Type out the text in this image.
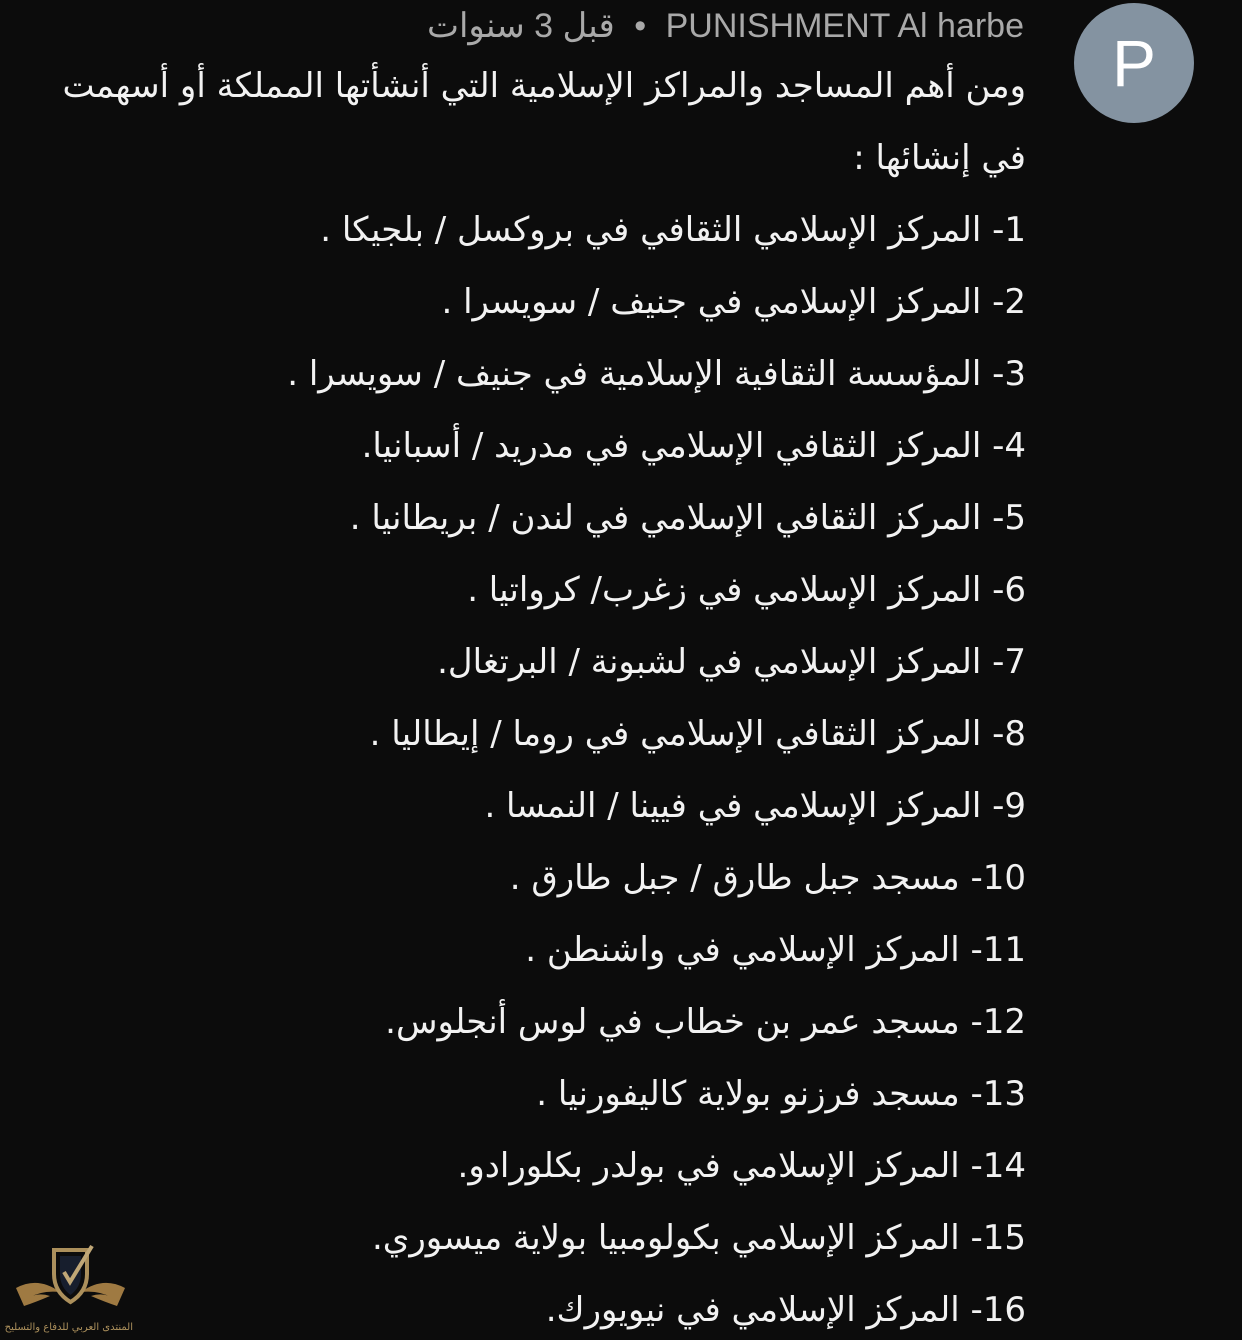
P
قبل 3 سنوات • PUNISHMENT Al harbe

ومن أهم المساجد والمراكز الإسلامية التي أنشأتها المملكة أو أسهمت في إنشائها :

1- المركز الإسلامي الثقافي في بروكسل / بلجيكا .

2- المركز الإسلامي في جنيف / سويسرا .

3- المؤسسة الثقافية الإسلامية في جنيف / سويسرا .

4- المركز الثقافي الإسلامي في مدريد / أسبانيا.

5- المركز الثقافي الإسلامي في لندن / بريطانيا .

6- المركز الإسلامي في زغرب/ كرواتيا .

7- المركز الإسلامي في لشبونة / البرتغال.

8- المركز الثقافي الإسلامي في روما / إيطاليا .

9- المركز الإسلامي في فيينا / النمسا .

10- مسجد جبل طارق / جبل طارق .

11- المركز الإسلامي في واشنطن .

12- مسجد عمر بن خطاب في لوس أنجلوس.

13- مسجد فرزنو بولاية كاليفورنيا .

14- المركز الإسلامي في بولدر بكلورادو.

15- المركز الإسلامي بكولومبيا بولاية ميسوري.

16- المركز الإسلامي في نيويورك.

المنتدى العربي للدفاع والتسليح
